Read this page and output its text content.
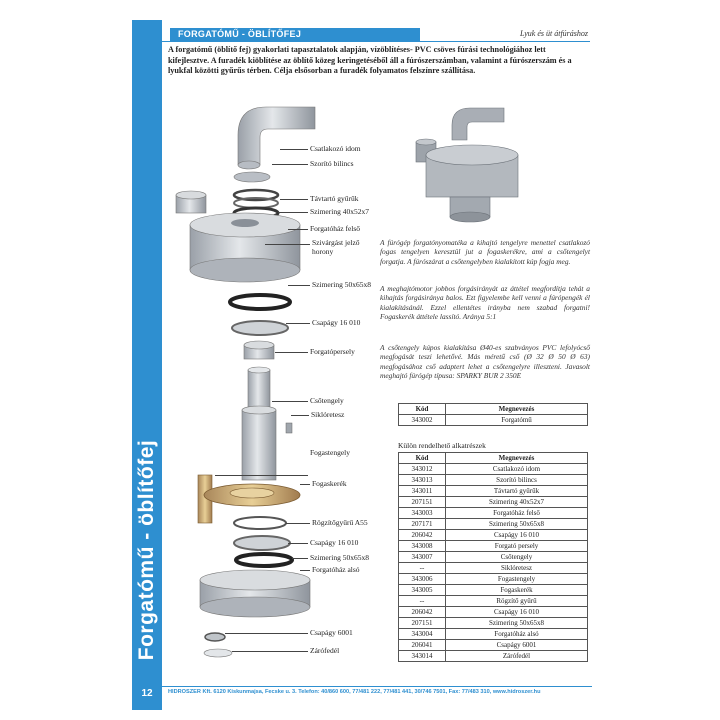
Forgatómű - öblítőfej
12
FORGATÓMŰ - ÖBLÍTŐFEJ	Lyuk és üt átfúráshoz
A forgatómű (öblítő fej) gyakorlati tapasztalatok alapján, vízöblítéses- PVC csöves fúrási technológiához lett kifejlesztve. A furadék kiöblítése az öblítő közeg keringetéséből áll a fúrószerszámban, valamint a fúrószerszám és a lyukfal közötti gyűrűs térben. Célja elsősorban a furadék folyamatos felszínre szállítása.
Csatlakozó idom
Szorító bilincs
Távtartó gyűrűk
Szimering 40x52x7
Forgatóház felső
Szivárgást jelző horony
Szimering 50x65x8
Csapágy 16 010
Forgatópersely
Csőtengely
Siklóretesz
Fogastengely
Fogaskerék
Rögzítőgyűrű A55
Csapágy 16 010
Szimering 50x65x8
Forgatóház alsó
Csapágy 6001
Zárófedél
A fúrógép forgatónyomatéka a kihajtó tengelyre menettel csatlakozó fogas tengelyen keresztül jut a fogaskerékre, ami a csőtengelyt forgatja. A fúrószárat a csőtengelyben kialakított kúp fogja meg.
A meghajtómotor jobbos forgásirányát az áttétel megfordítja tehát a kihajtás forgásiránya balos. Ezt figyelembe kell venni a fúrópengék él kialakításánál. Ezzel ellentétes irányba nem szabad forgatni! Fogaskerék áttétele lassító. Aránya 5:1
A csőtengely kúpos kialakítása Ø40-es szabványos PVC lefolyócső megfogását teszi lehetővé. Más méretű cső (Ø 32 Ø 50 Ø 63) megfogásához cső adaptert lehet a csőtengelyre illeszteni. Javasolt meghajtó fúrógép típusa: SPARKY BUR 2 350E
Kód	Megnevezés
343002	Forgatómű
Külön rendelhető alkatrészek
Kód	Megnevezés
343012	Csatlakozó idom
343013	Szorító bilincs
343011	Távtartó gyűrűk
207151	Szimering 40x52x7
343003	Forgatóház felső
207171	Szimering 50x65x8
206042	Csapágy 16 010
343008	Forgató persely
343007	Csőtengely
--	Siklóretesz
343006	Fogastengely
343005	Fogaskerék
--	Rögzítő gyűrű
206042	Csapágy 16 010
207151	Szimering 50x65x8
343004	Forgatóház alsó
206041	Csapágy 6001
343014	Zárófedél
HIDROSZER Kft. 6120 Kiskunmajsa, Fecske u. 3. Telefon: 40/860 600, 77/481 222, 77/481 441, 30/746 7501, Fax: 77/483 310, www.hidroszer.hu
